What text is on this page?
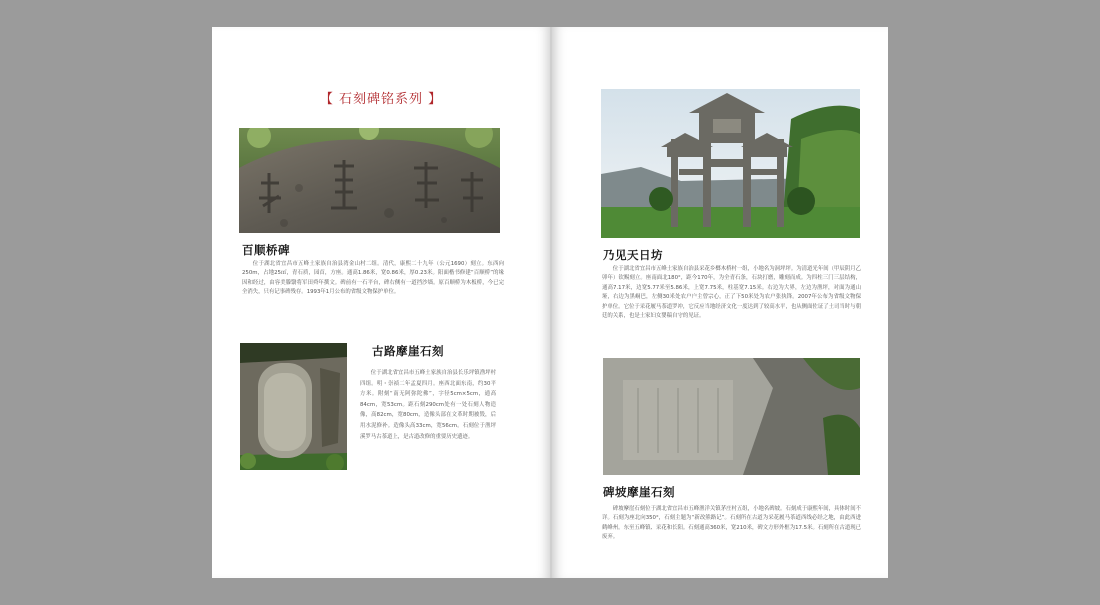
【 石刻碑铭系列 】
百顺桥碑
位于湖北省宜昌市五峰土家族自治县湾金山村二组。清代，康熙二十九年（公元1690）刻立。东西向250m，占地25㎡，青石质，园首，方座。通高1.86米，宽0.86米，厚0.23米。阳面楷书修建“百顺桥”的缘因和经过，由容美滕翳将军田舜年撰文。碑前有一石平台，碑右侧有一道挡沙墙。原百顺桥为木板桥，今已完全消失，只有记事碑残存。1993年1月公布的省级文物保护单位。
古路摩崖石刻
位于湖北省宜昌市五峰土家族自治县长乐坪镇渔坪村四组。明・崇祯二年孟夏四月。座西北面东南，约30平方米。附刻“南无阿弥陀佛”，字径5cm×5cm，通高84cm，宽53cm。距石刻290cm处有一处石刻人物造像，高82cm，宽80cm，造像头部在文革时期被毁，后用水泥修补。造像头高33cm，宽56cm。石刻位于渔坪溪罗马古茶道上，是古道改修的重要历史遗迹。
乃见天日坊
位于湖北省宜昌市五峰土家族自治县采花乡榔木桥村一组，小地名为洞坪坪。为清道光年间（甲辰阴月乙卯年）钦赐刻立。座南面北180°，距今170年，为全青石条，石块打磨，雕刻而成。为四柱三门三层结构，通高7.17米，边宽5.77米至5.86米，上宽7.75米，柱基宽7.15米。右边为大界，左边为渔坪，对面为通山垭，右边为黑峒巴，左侧30米处农户户主曾宗心，正了下50米处为农户张执锋。2007年公布为省级文物保护单位。它位于采花履马茶道罗冲，它反应当地经济文化一度达到了较高水平，也从侧面佐证了土司当时与朝廷的关系，也是土家妇女婴稿自守的见证。
碑坡摩崖石刻
碑坡摩崖石刻位于湖北省宜昌市五峰渔洋关镇茅庄村五组，小地名碑坡。石刻成于康熙年间，具体时间不详。石刻为座北向350°，石刻主题为“新改熊路记”。石刻所在古道为采花履马茶道西线必经之地，由此西进鹤峰州。东至五峰镇、采花和长阳。石刻通高360米，宽210米，碑文方形外框为17.5米。石刻所在古道现已废弃。
